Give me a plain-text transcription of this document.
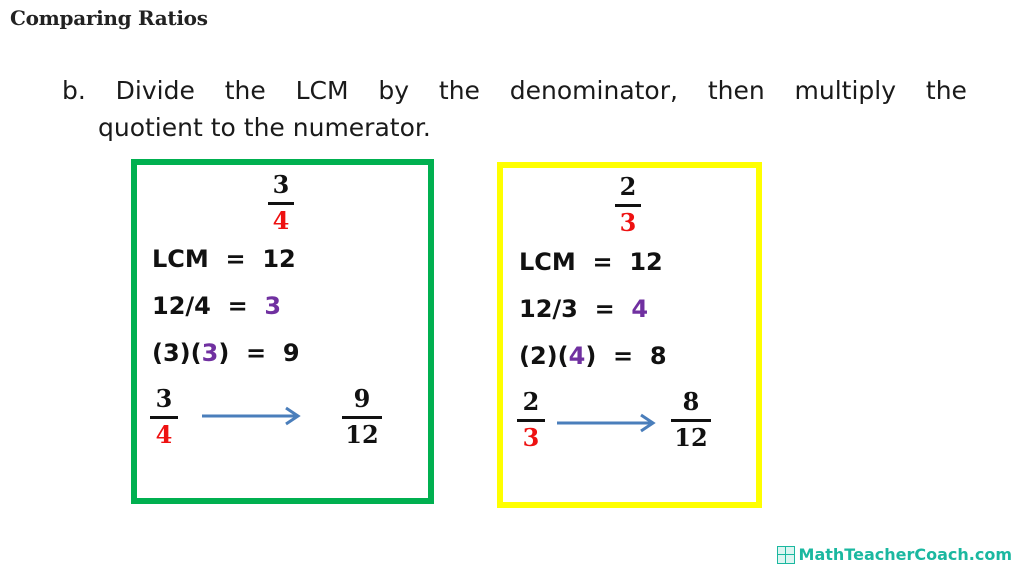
Comparing Ratios
b. Divide the LCM by the denominator, then multiply the
quotient to the numerator.
3
4
LCM = 12
12/4 = 3
(3)(3) = 9
3
4
9
12
2
3
LCM = 12
12/3 = 4
(2)(4) = 8
2
3
8
12
MathTeacherCoach.com
